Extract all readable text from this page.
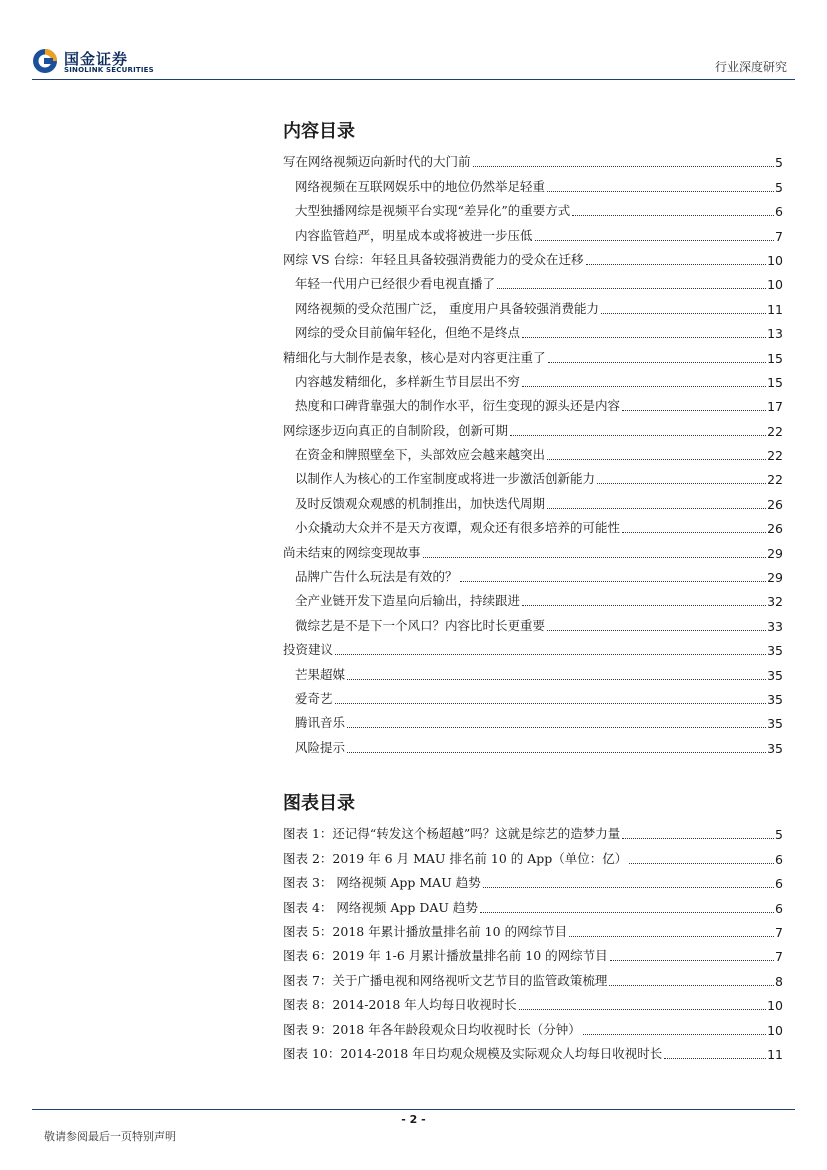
国金证券
SINOLINK SECURITIES	行业深度研究
内容目录
写在网络视频迈向新时代的大门前	5
网络视频在互联网娱乐中的地位仍然举足轻重	5
大型独播网综是视频平台实现“差异化”的重要方式	6
内容监管趋严，明星成本或将被进一步压低	7
网综 VS 台综：年轻且具备较强消费能力的受众在迁移	10
年轻一代用户已经很少看电视直播了	10
网络视频的受众范围广泛， 重度用户具备较强消费能力	11
网综的受众目前偏年轻化，但绝不是终点	13
精细化与大制作是表象，核心是对内容更注重了	15
内容越发精细化，多样新生节目层出不穷	15
热度和口碑背靠强大的制作水平，衍生变现的源头还是内容	17
网综逐步迈向真正的自制阶段，创新可期	22
在资金和牌照壁垒下，头部效应会越来越突出	22
以制作人为核心的工作室制度或将进一步激活创新能力	22
及时反馈观众观感的机制推出，加快迭代周期	26
小众撬动大众并不是天方夜谭，观众还有很多培养的可能性	26
尚未结束的网综变现故事	29
品牌广告什么玩法是有效的？	29
全产业链开发下造星向后输出，持续跟进	32
微综艺是不是下一个风口？内容比时长更重要	33
投资建议	35
芒果超媒	35
爱奇艺	35
腾讯音乐	35
风险提示	35
图表目录
图表 1：还记得“转发这个杨超越”吗？这就是综艺的造梦力量	5
图表 2：2019 年 6 月 MAU 排名前 10 的 App（单位：亿）	6
图表 3： 网络视频 App MAU 趋势	6
图表 4： 网络视频 App DAU 趋势	6
图表 5：2018 年累计播放量排名前 10 的网综节目	7
图表 6：2019 年 1-6 月累计播放量排名前 10 的网综节目	7
图表 7：关于广播电视和网络视听文艺节目的监管政策梳理	8
图表 8：2014-2018 年人均每日收视时长	10
图表 9：2018 年各年龄段观众日均收视时长（分钟）	10
图表 10：2014-2018 年日均观众规模及实际观众人均每日收视时长	11
- 2 -
敬请参阅最后一页特别声明
